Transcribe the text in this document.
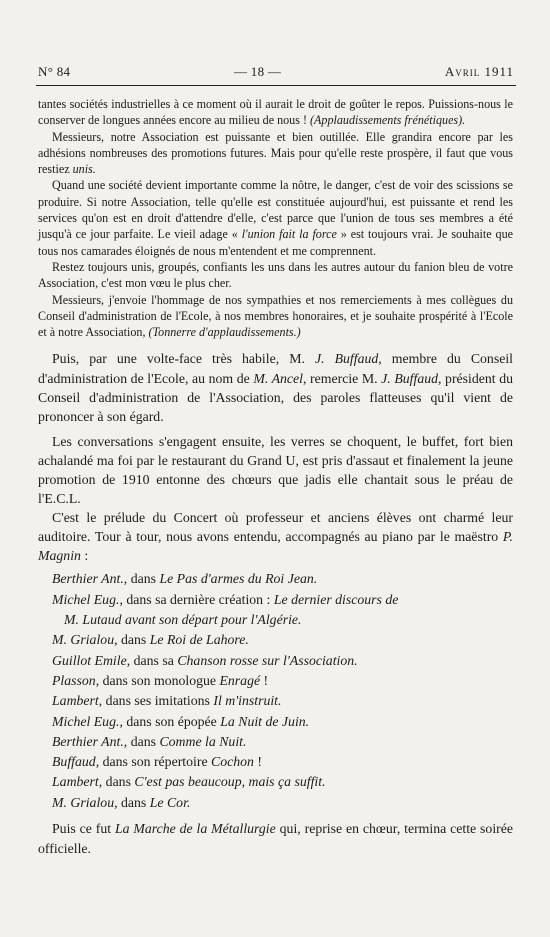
N° 84	— 18 —	Avril 1911

tantes sociétés industrielles à ce moment où il aurait le droit de goûter le repos. Puissions-nous le conserver de longues années encore au milieu de nous ! (Applaudissements frénétiques).

Messieurs, notre Association est puissante et bien outillée. Elle grandira encore par les adhésions nombreuses des promotions futures. Mais pour qu'elle reste prospère, il faut que vous restiez unis.

Quand une société devient importante comme la nôtre, le danger, c'est de voir des scissions se produire. Si notre Association, telle qu'elle est constituée aujourd'hui, est puissante et rend les services qu'on est en droit d'attendre d'elle, c'est parce que l'union de tous ses membres a été jusqu'à ce jour parfaite. Le vieil adage « l'union fait la force » est toujours vrai. Je souhaite que tous nos camarades éloignés de nous m'entendent et me comprennent.

Restez toujours unis, groupés, confiants les uns dans les autres autour du fanion bleu de votre Association, c'est mon vœu le plus cher.

Messieurs, j'envoie l'hommage de nos sympathies et nos remerciements à mes collègues du Conseil d'administration de l'Ecole, à nos membres honoraires, et je souhaite prospérité à l'Ecole et à notre Association, (Tonnerre d'applaudissements.)

Puis, par une volte-face très habile, M. J. Buffaud, membre du Conseil d'administration de l'Ecole, au nom de M. Ancel, remercie M. J. Buffaud, président du Conseil d'administration de l'Association, des paroles flatteuses qu'il vient de prononcer à son égard.

Les conversations s'engagent ensuite, les verres se choquent, le buffet, fort bien achalandé ma foi par le restaurant du Grand U, est pris d'assaut et finalement la jeune promotion de 1910 entonne des chœurs que jadis elle chantait sous le préau de l'E.C.L.

C'est le prélude du Concert où professeur et anciens élèves ont charmé leur auditoire. Tour à tour, nous avons entendu, accompagnés au piano par le maëstro P. Magnin :

Berthier Ant., dans Le Pas d'armes du Roi Jean.
Michel Eug., dans sa dernière création : Le dernier discours de
M. Lutaud avant son départ pour l'Algérie.
M. Grialou, dans Le Roi de Lahore.
Guillot Emile, dans sa Chanson rosse sur l'Association.
Plasson, dans son monologue Enragé !
Lambert, dans ses imitations Il m'instruit.
Michel Eug., dans son épopée La Nuit de Juin.
Berthier Ant., dans Comme la Nuit.
Buffaud, dans son répertoire Cochon !
Lambert, dans C'est pas beaucoup, mais ça suffit.
M. Grialou, dans Le Cor.

Puis ce fut La Marche de la Métallurgie qui, reprise en chœur, termina cette soirée officielle.
